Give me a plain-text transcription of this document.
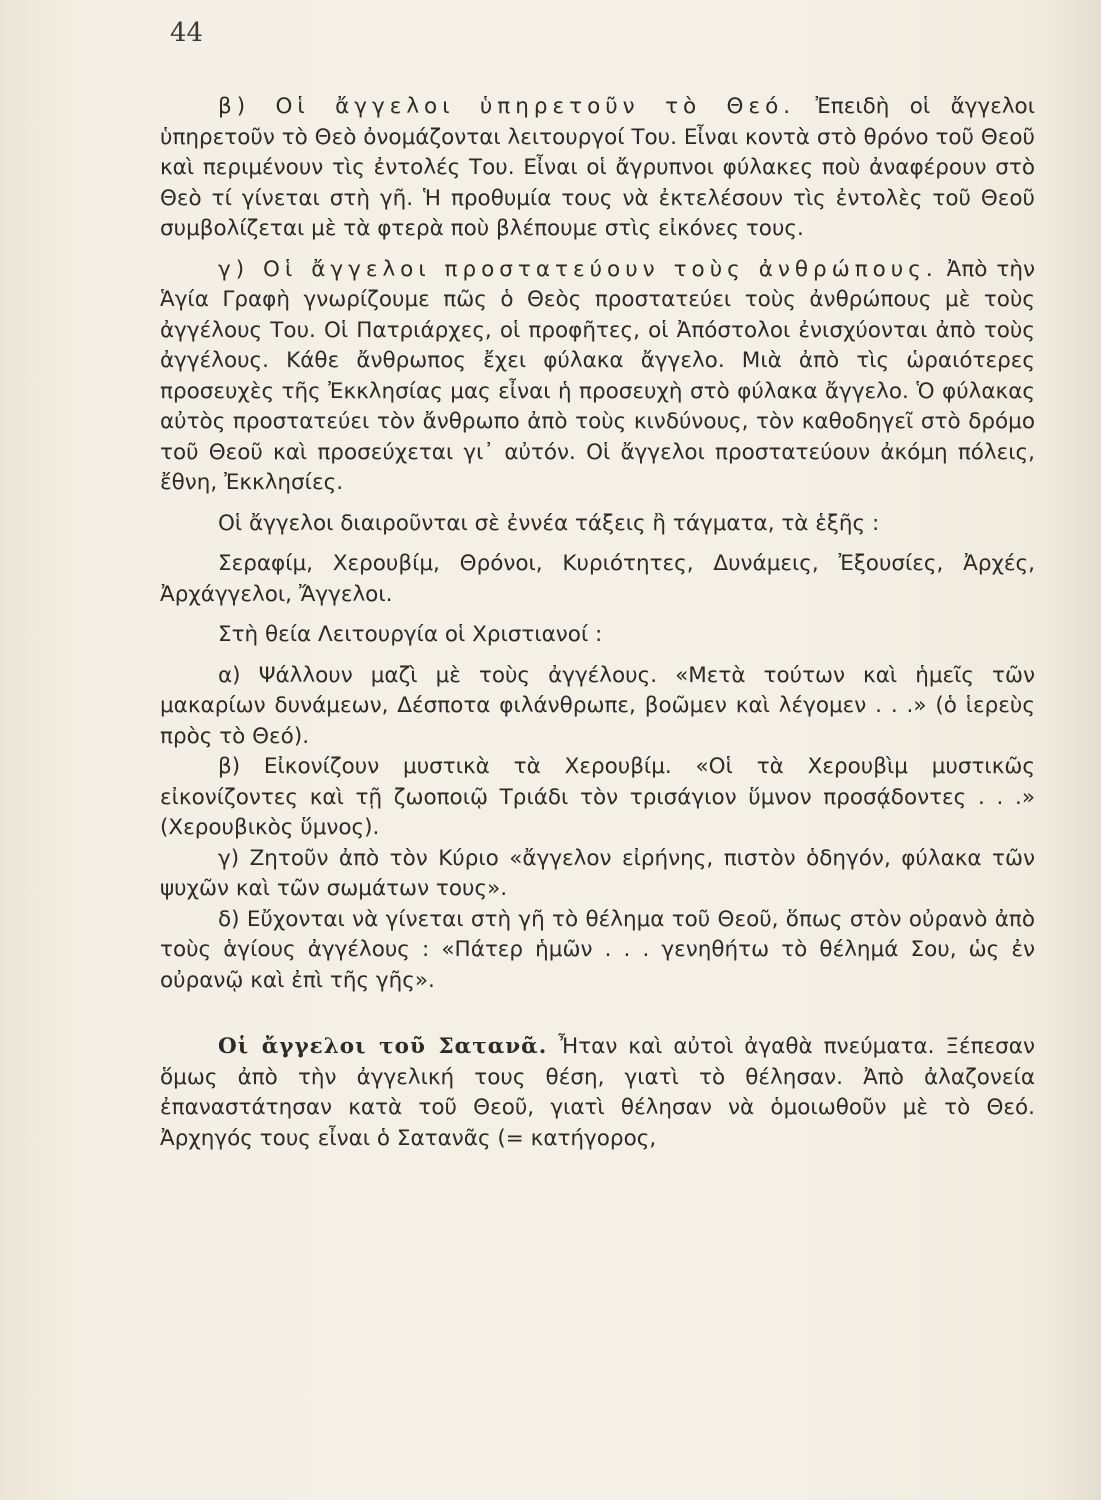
44

β) Οἱ ἄγγελοι ὑπηρετοῦν τὸ Θεό. Ἐπειδὴ οἱ ἄγγελοι ὑπηρετοῦν τὸ Θεὸ ὀνομάζονται λειτουργοί Του. Εἶναι κοντὰ στὸ θρόνο τοῦ Θεοῦ καὶ περιμένουν τὶς ἐντολές Του. Εἶναι οἱ ἄγρυπνοι φύλακες ποὺ ἀναφέρουν στὸ Θεὸ τί γίνεται στὴ γῆ. Ἡ προθυμία τους νὰ ἐκτελέσουν τὶς ἐντολὲς τοῦ Θεοῦ συμβολίζεται μὲ τὰ φτερὰ ποὺ βλέπουμε στὶς εἰκόνες τους.

γ) Οἱ ἄγγελοι προστατεύουν τοὺς ἀνθρώπους. Ἀπὸ τὴν Ἁγία Γραφὴ γνωρίζουμε πῶς ὁ Θεὸς προστατεύει τοὺς ἀνθρώπους μὲ τοὺς ἀγγέλους Του. Οἱ Πατριάρχες, οἱ προφῆτες, οἱ Ἀπόστολοι ἐνισχύονται ἀπὸ τοὺς ἀγγέλους. Κάθε ἄνθρωπος ἔχει φύλακα ἄγγελο. Μιὰ ἀπὸ τὶς ὡραιότερες προσευχὲς τῆς Ἐκκλησίας μας εἶναι ἡ προσευχὴ στὸ φύλακα ἄγγελο. Ὁ φύλακας αὐτὸς προστατεύει τὸν ἄνθρωπο ἀπὸ τοὺς κινδύνους, τὸν καθοδηγεῖ στὸ δρόμο τοῦ Θεοῦ καὶ προσεύχεται γι᾿ αὐτόν. Οἱ ἄγγελοι προστατεύουν ἀκόμη πόλεις, ἔθνη, Ἐκκλησίες.

Οἱ ἄγγελοι διαιροῦνται σὲ ἐννέα τάξεις ἢ τάγματα, τὰ ἑξῆς :

Σεραφίμ, Χερουβίμ, Θρόνοι, Κυριότητες, Δυνάμεις, Ἐξουσίες, Ἀρχές, Ἀρχάγγελοι, Ἄγγελοι.

Στὴ θεία Λειτουργία οἱ Χριστιανοί :

α) Ψάλλουν μαζὶ μὲ τοὺς ἀγγέλους. «Μετὰ τούτων καὶ ἡμεῖς τῶν μακαρίων δυνάμεων, Δέσποτα φιλάνθρωπε, βοῶμεν καὶ λέγομεν . . .» (ὁ ἱερεὺς πρὸς τὸ Θεό).

β) Εἰκονίζουν μυστικὰ τὰ Χερουβίμ. «Οἱ τὰ Χερουβὶμ μυστικῶς εἰκονίζοντες καὶ τῇ ζωοποιῷ Τριάδι τὸν τρισάγιον ὕμνον προσᾴδοντες . . .» (Χερουβικὸς ὕμνος).

γ) Ζητοῦν ἀπὸ τὸν Κύριο «ἄγγελον εἰρήνης, πιστὸν ὁδηγόν, φύλακα τῶν ψυχῶν καὶ τῶν σωμάτων τους».

δ) Εὔχονται νὰ γίνεται στὴ γῆ τὸ θέλημα τοῦ Θεοῦ, ὅπως στὸν οὐρανὸ ἀπὸ τοὺς ἁγίους ἀγγέλους : «Πάτερ ἡμῶν . . . γενηθήτω τὸ θέλημά Σου, ὡς ἐν οὐρανῷ καὶ ἐπὶ τῆς γῆς».

Οἱ ἄγγελοι τοῦ Σατανᾶ. Ἦταν καὶ αὐτοὶ ἀγαθὰ πνεύματα. Ξέπεσαν ὅμως ἀπὸ τὴν ἀγγελική τους θέση, γιατὶ τὸ θέλησαν. Ἀπὸ ἀλαζονεία ἐπαναστάτησαν κατὰ τοῦ Θεοῦ, γιατὶ θέλησαν νὰ ὁμοιωθοῦν μὲ τὸ Θεό. Ἀρχηγός τους εἶναι ὁ Σατανᾶς (= κατήγορος,
